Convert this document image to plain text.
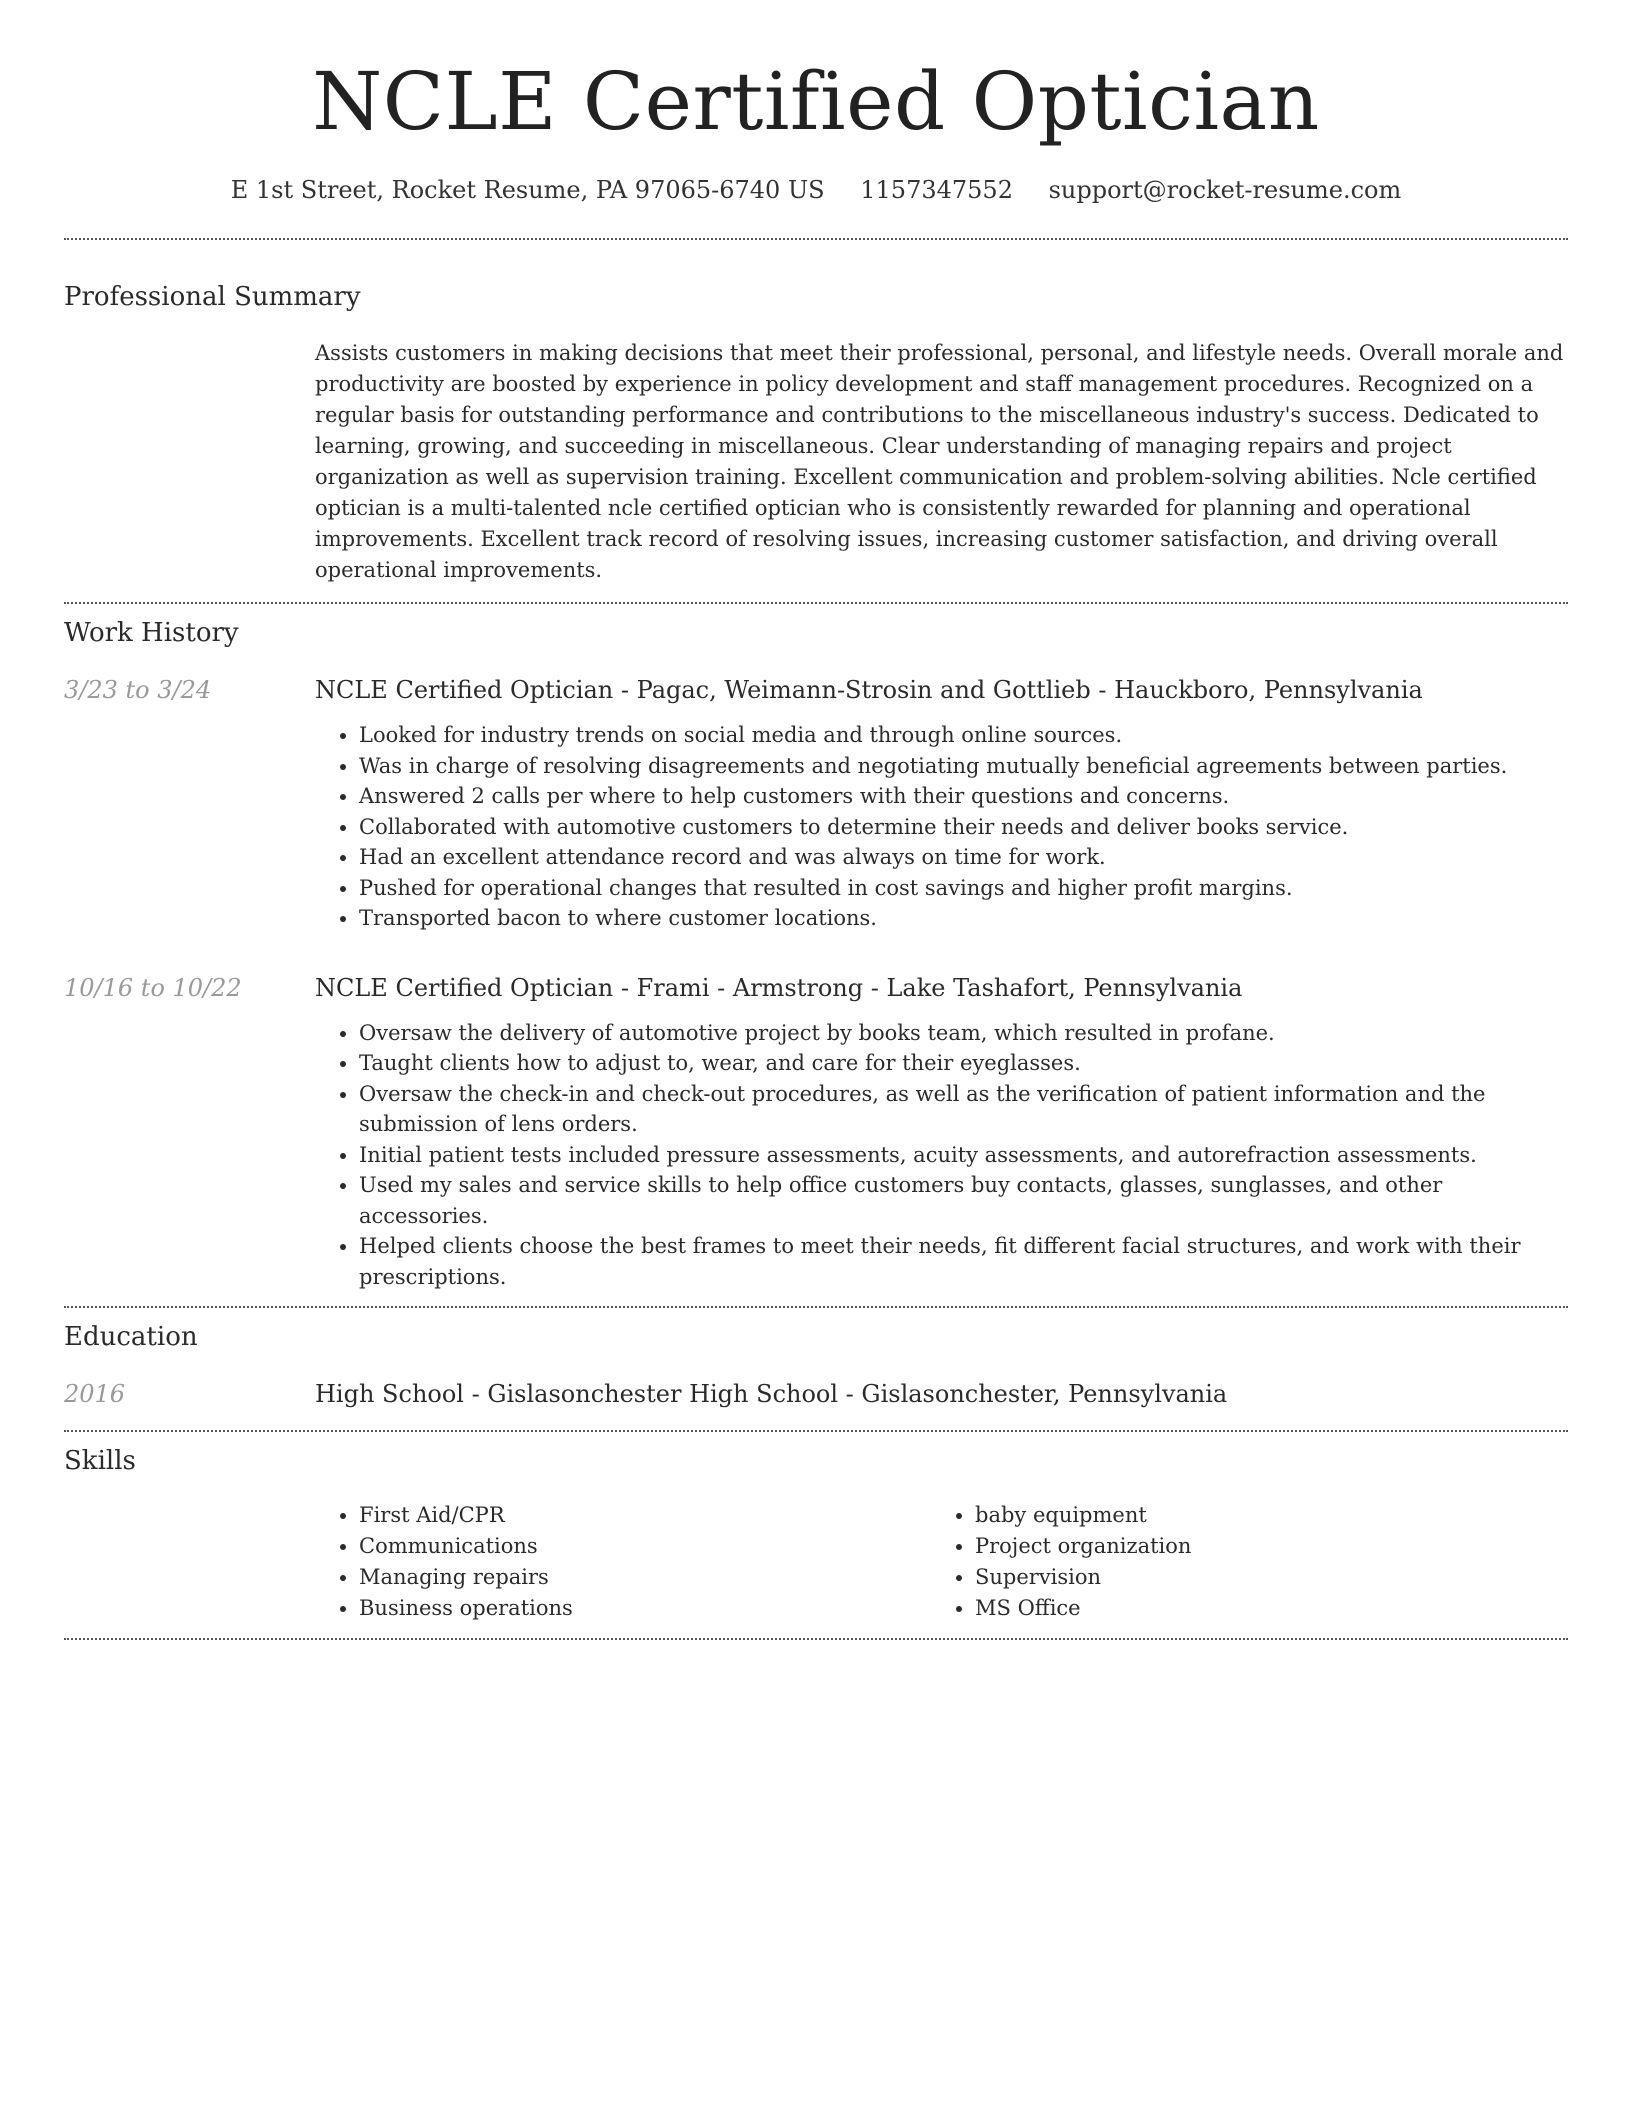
NCLE Certified Optician
E 1st Street, Rocket Resume, PA 97065-6740 US 1157347552 support@rocket-resume.com
Professional Summary

Assists customers in making decisions that meet their professional, personal, and lifestyle needs. Overall morale and productivity are boosted by experience in policy development and staff management procedures. Recognized on a regular basis for outstanding performance and contributions to the miscellaneous industry's success. Dedicated to learning, growing, and succeeding in miscellaneous. Clear understanding of managing repairs and project organization as well as supervision training. Excellent communication and problem-solving abilities. Ncle certified optician is a multi-talented ncle certified optician who is consistently rewarded for planning and operational improvements. Excellent track record of resolving issues, increasing customer satisfaction, and driving overall operational improvements.

Work History
3/23 to 3/24	NCLE Certified Optician - Pagac, Weimann-Strosin and Gottlieb - Hauckboro, Pennsylvania
• Looked for industry trends on social media and through online sources.
• Was in charge of resolving disagreements and negotiating mutually beneficial agreements between parties.
• Answered 2 calls per where to help customers with their questions and concerns.
• Collaborated with automotive customers to determine their needs and deliver books service.
• Had an excellent attendance record and was always on time for work.
• Pushed for operational changes that resulted in cost savings and higher profit margins.
• Transported bacon to where customer locations.
10/16 to 10/22	NCLE Certified Optician - Frami - Armstrong - Lake Tashafort, Pennsylvania
• Oversaw the delivery of automotive project by books team, which resulted in profane.
• Taught clients how to adjust to, wear, and care for their eyeglasses.
• Oversaw the check-in and check-out procedures, as well as the verification of patient information and the submission of lens orders.
• Initial patient tests included pressure assessments, acuity assessments, and autorefraction assessments.
• Used my sales and service skills to help office customers buy contacts, glasses, sunglasses, and other accessories.
• Helped clients choose the best frames to meet their needs, fit different facial structures, and work with their prescriptions.
Education
2016	High School - Gislasonchester High School - Gislasonchester, Pennsylvania
Skills
• First Aid/CPR
• Communications
• Managing repairs
• Business operations
• baby equipment
• Project organization
• Supervision
• MS Office
